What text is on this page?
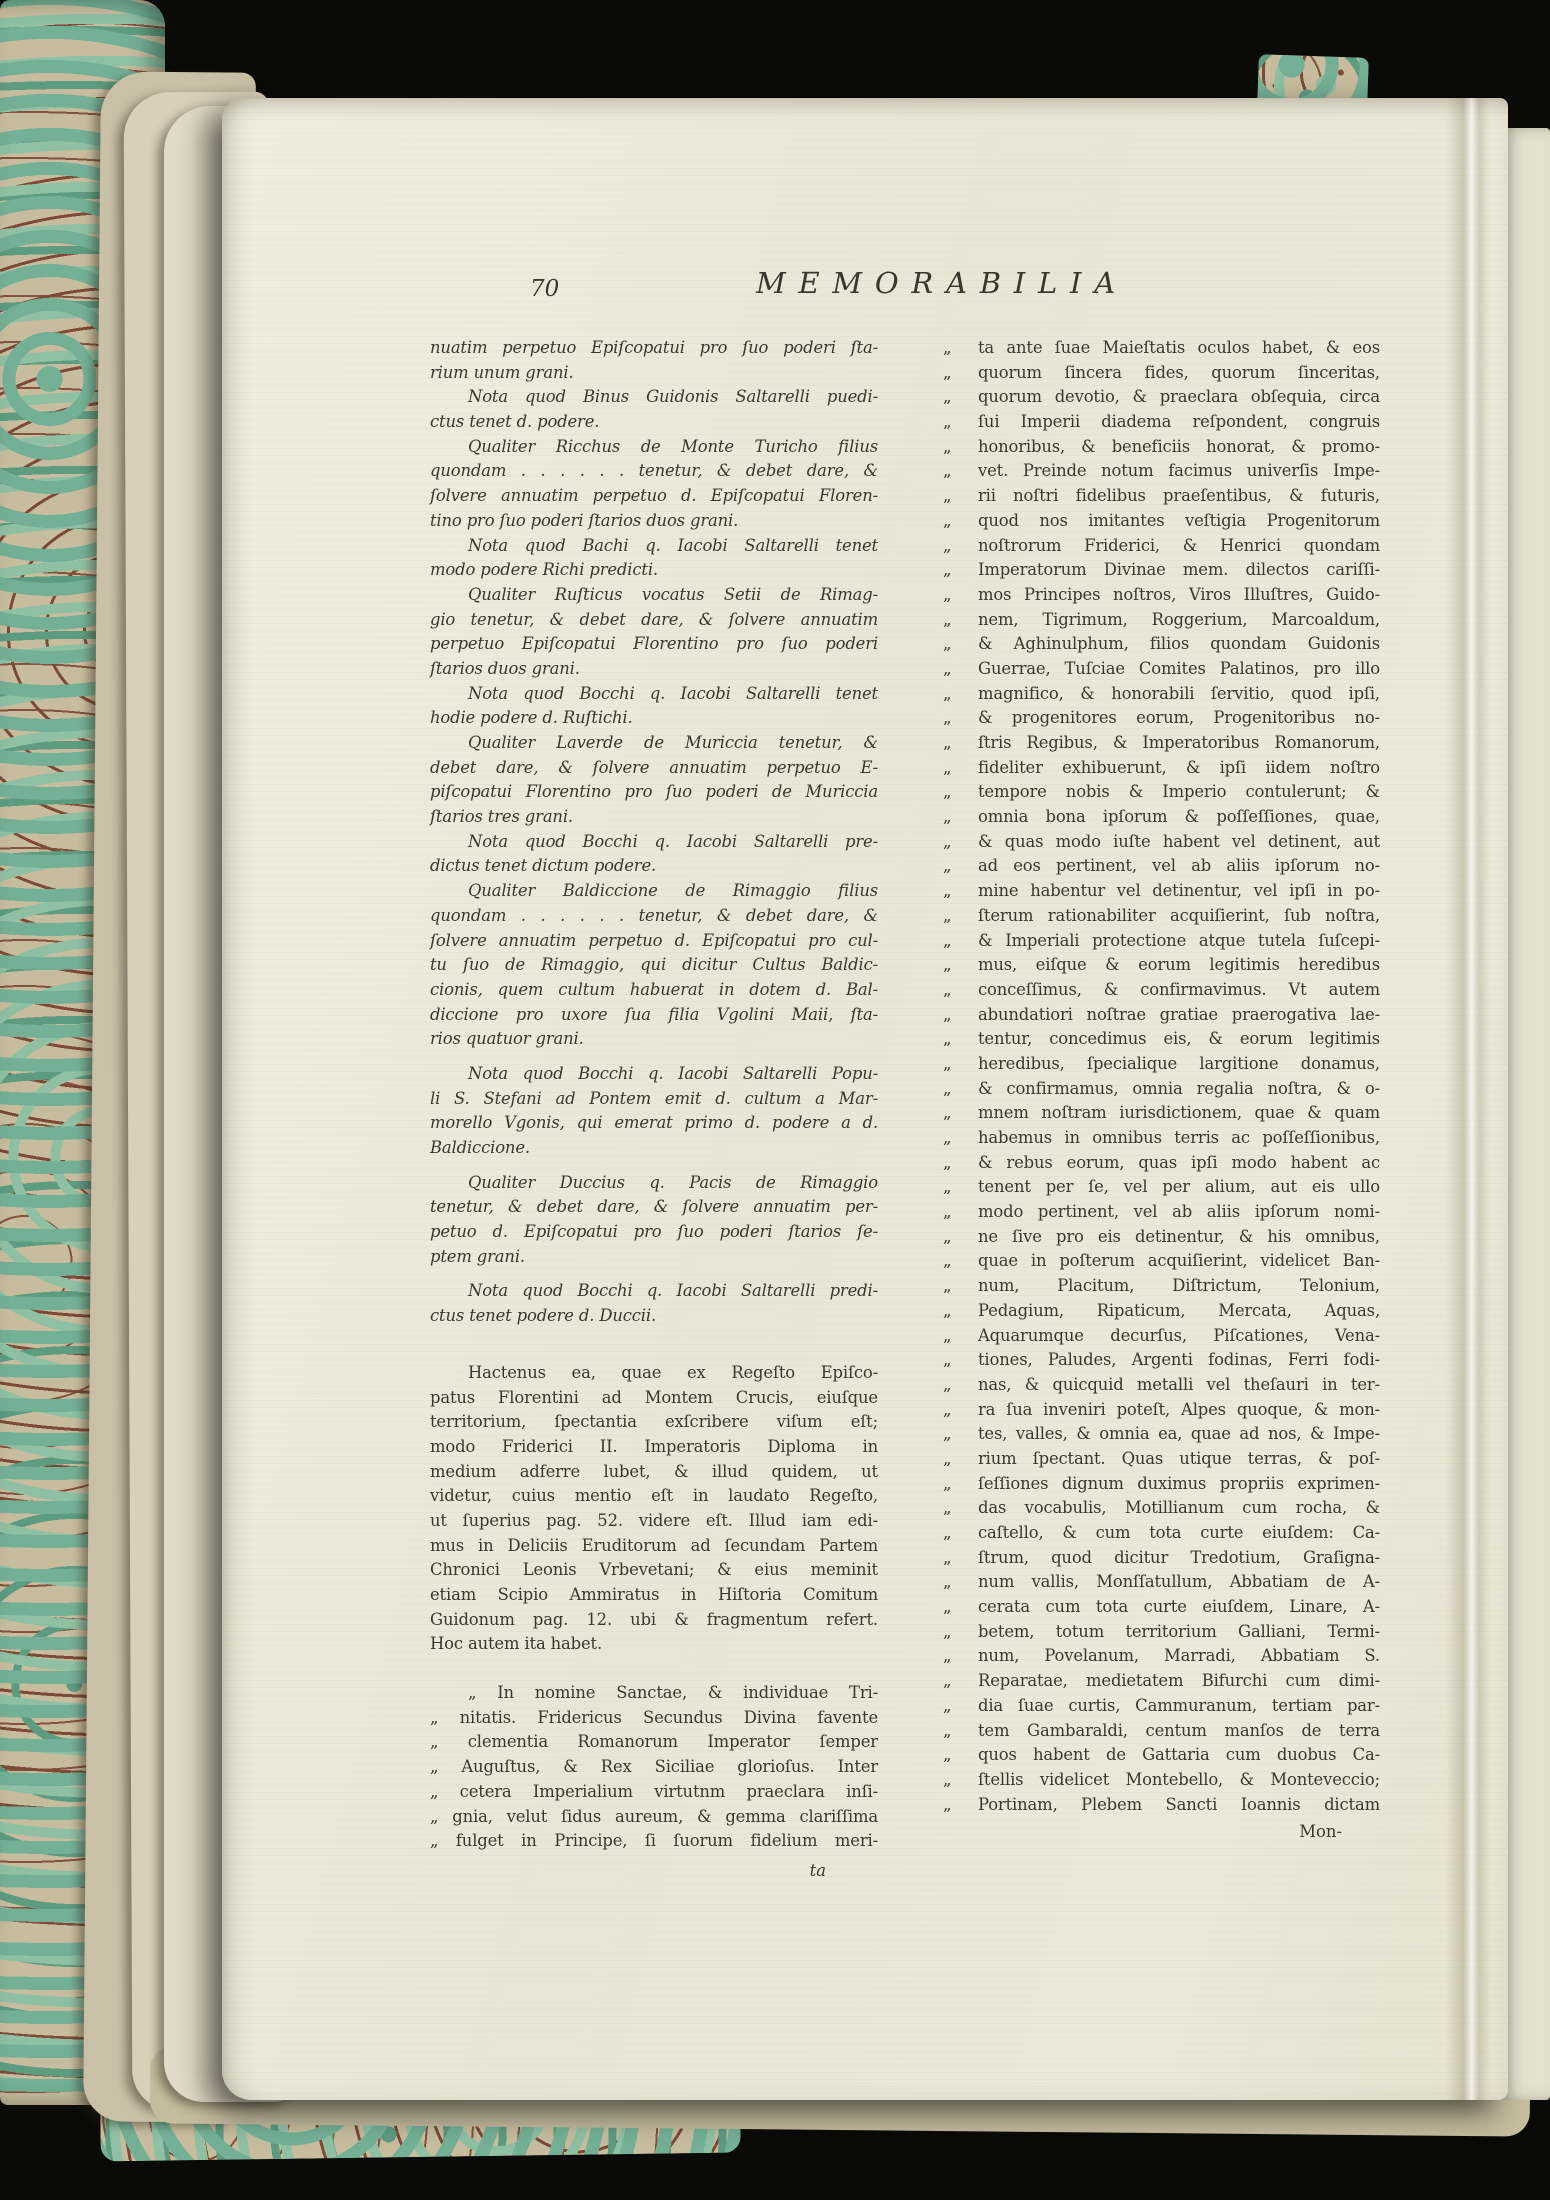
70	MEMORABILIA
nuatim perpetuo Epiſcopatui pro ſuo poderi ſta-
rium unum grani.
Nota quod Binus Guidonis Saltarelli puedi-
ctus tenet d. podere.
Qualiter Ricchus de Monte Turicho filius
quondam . . . . . . tenetur, & debet dare, &
ſolvere annuatim perpetuo d. Epiſcopatui Floren-
tino pro ſuo poderi ſtarios duos grani.
Nota quod Bachi q. Iacobi Saltarelli tenet
modo podere Richi predicti.
Qualiter Ruſticus vocatus Setii de Rimag-
gio tenetur, & debet dare, & ſolvere annuatim
perpetuo Epiſcopatui Florentino pro ſuo poderi
ſtarios duos grani.
Nota quod Bocchi q. Iacobi Saltarelli tenet
hodie podere d. Ruſtichi.
Qualiter Laverde de Muriccia tenetur, &
debet dare, & ſolvere annuatim perpetuo E-
piſcopatui Florentino pro ſuo poderi de Muriccia
ſtarios tres grani.
Nota quod Bocchi q. Iacobi Saltarelli pre-
dictus tenet dictum podere.
Qualiter Baldiccione de Rimaggio filius
quondam . . . . . . tenetur, & debet dare, &
ſolvere annuatim perpetuo d. Epiſcopatui pro cul-
tu ſuo de Rimaggio, qui dicitur Cultus Baldic-
cionis, quem cultum habuerat in dotem d. Bal-
diccione pro uxore ſua filia Vgolini Maii, ſta-
rios quatuor grani.
Nota quod Bocchi q. Iacobi Saltarelli Popu-
li S. Stefani ad Pontem emit d. cultum a Mar-
morello Vgonis, qui emerat primo d. podere a d.
Baldiccione.
Qualiter Duccius q. Pacis de Rimaggio
tenetur, & debet dare, & ſolvere annuatim per-
petuo d. Epiſcopatui pro ſuo poderi ſtarios ſe-
ptem grani.
Nota quod Bocchi q. Iacobi Saltarelli predi-
ctus tenet podere d. Duccii.
Hactenus ea, quae ex Regeſto Epiſco-
patus Florentini ad Montem Crucis, eiuſque
territorium, ſpectantia exſcribere viſum eſt;
modo Friderici II. Imperatoris Diploma in
medium adferre lubet, & illud quidem, ut
videtur, cuius mentio eſt in laudato Regeſto,
ut ſuperius pag. 52. videre eſt. Illud iam edi-
mus in Deliciis Eruditorum ad ſecundam Partem
Chronici Leonis Vrbevetani; & eius meminit
etiam Scipio Ammiratus in Hiſtoria Comitum
Guidonum pag. 12. ubi & fragmentum refert.
Hoc autem ita habet.
„ In nomine Sanctae, & individuae Tri-
„ nitatis. Fridericus Secundus Divina favente
„ clementia Romanorum Imperator ſemper
„ Auguſtus, & Rex Siciliae glorioſus. Inter
„ cetera Imperialium virtutnm praeclara inſi-
„ gnia, velut ſidus aureum, & gemma clariſſima
„ fulget in Principe, ſi ſuorum fidelium meri-
ta
„ ta ante ſuae Maieſtatis oculos habet, & eos
„ quorum ſincera fides, quorum ſinceritas,
„ quorum devotio, & praeclara obſequia, circa
„ ſui Imperii diadema reſpondent, congruis
„ honoribus, & beneficiis honorat, & promo-
„ vet. Preinde notum facimus univerſis Impe-
„ rii noſtri fidelibus praeſentibus, & futuris,
„ quod nos imitantes veſtigia Progenitorum
„ noſtrorum Friderici, & Henrici quondam
„ Imperatorum Divinae mem. dilectos cariſſi-
„ mos Principes noſtros, Viros Illuſtres, Guido-
„ nem, Tigrimum, Roggerium, Marcoaldum,
„ & Aghinulphum, filios quondam Guidonis
„ Guerrae, Tuſciae Comites Palatinos, pro illo
„ magnifico, & honorabili ſervitio, quod ipſi,
„ & progenitores eorum, Progenitoribus no-
„ ſtris Regibus, & Imperatoribus Romanorum,
„ fideliter exhibuerunt, & ipſi iidem noſtro
„ tempore nobis & Imperio contulerunt; &
„ omnia bona ipſorum & poſſeſſiones, quae,
„ & quas modo iuſte habent vel detinent, aut
„ ad eos pertinent, vel ab aliis ipſorum no-
„ mine habentur vel detinentur, vel ipſi in po-
„ ſterum rationabiliter acquiſierint, ſub noſtra,
„ & Imperiali protectione atque tutela ſuſcepi-
„ mus, eiſque & eorum legitimis heredibus
„ conceſſimus, & confirmavimus. Vt autem
„ abundatiori noſtrae gratiae praerogativa lae-
„ tentur, concedimus eis, & eorum legitimis
„ heredibus, ſpecialique largitione donamus,
„ & confirmamus, omnia regalia noſtra, & o-
„ mnem noſtram iurisdictionem, quae & quam
„ habemus in omnibus terris ac poſſeſſionibus,
„ & rebus eorum, quas ipſi modo habent ac
„ tenent per ſe, vel per alium, aut eis ullo
„ modo pertinent, vel ab aliis ipſorum nomi-
„ ne ſive pro eis detinentur, & his omnibus,
„ quae in poſterum acquiſierint, videlicet Ban-
„ num, Placitum, Diſtrictum, Telonium,
„ Pedagium, Ripaticum, Mercata, Aquas,
„ Aquarumque decurſus, Piſcationes, Vena-
„ tiones, Paludes, Argenti fodinas, Ferri fodi-
„ nas, & quicquid metalli vel theſauri in ter-
„ ra ſua inveniri poteſt, Alpes quoque, & mon-
„ tes, valles, & omnia ea, quae ad nos, & Impe-
„ rium ſpectant. Quas utique terras, & poſ-
„ ſeſſiones dignum duximus propriis exprimen-
„ das vocabulis, Motillianum cum rocha, &
„ caſtello, & cum tota curte eiuſdem: Ca-
„ ſtrum, quod dicitur Tredotium, Graſigna-
„ num vallis, Monſſatullum, Abbatiam de A-
„ cerata cum tota curte eiuſdem, Linare, A-
„ betem, totum territorium Galliani, Termi-
„ num, Povelanum, Marradi, Abbatiam S.
„ Reparatae, medietatem Bifurchi cum dimi-
„ dia ſuae curtis, Cammuranum, tertiam par-
„ tem Gambaraldi, centum manſos de terra
„ quos habent de Gattaria cum duobus Ca-
„ ſtellis videlicet Montebello, & Monteveccio;
„ Portinam, Plebem Sancti Ioannis dictam
Mon-
